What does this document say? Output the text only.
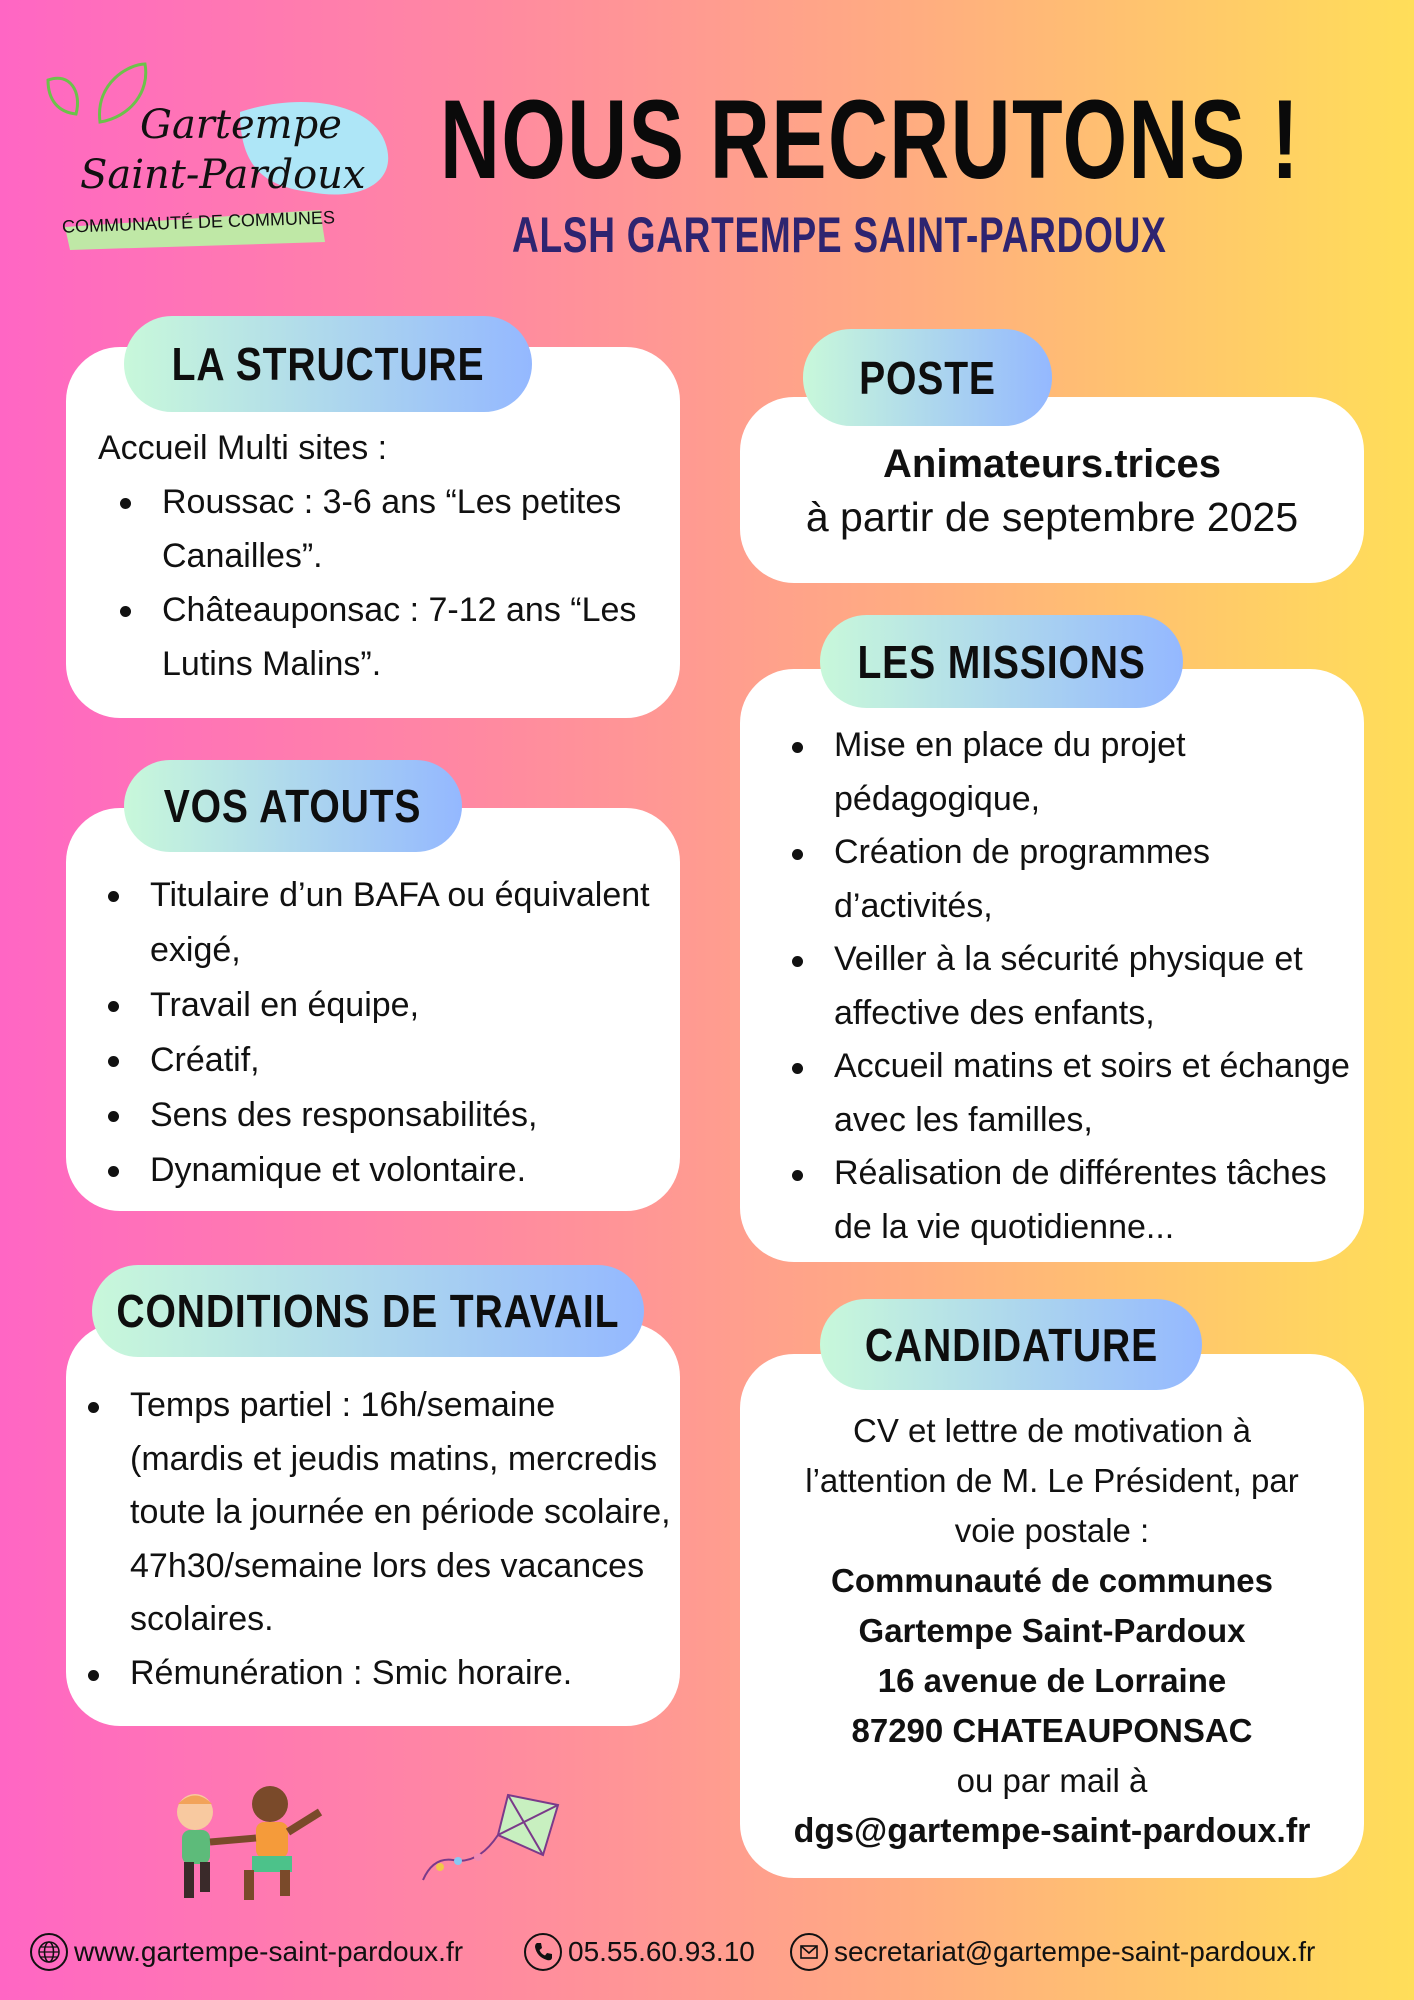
Gartempe
Saint-Pardoux
COMMUNAUTÉ DE COMMUNES
NOUS RECRUTONS !
ALSH GARTEMPE SAINT-PARDOUX
Accueil Multi sites :
Roussac : 3-6 ans “Les petites Canailles”.
Châteauponsac : 7-12 ans “Les Lutins Malins”.
LA STRUCTURE
Animateurs.trices
à partir de septembre 2025
POSTE
Titulaire d’un BAFA ou équivalent exigé,
Travail en équipe,
Créatif,
Sens des responsabilités,
Dynamique et volontaire.
VOS ATOUTS
Mise en place du projet pédagogique,
Création de programmes d’activités,
Veiller à la sécurité physique et affective des enfants,
Accueil matins et soirs et échange avec les familles,
Réalisation de différentes tâches de la vie quotidienne...
LES MISSIONS
Temps partiel : 16h/semaine (mardis et jeudis matins, mercredis toute la journée en période scolaire, 47h30/semaine lors des vacances scolaires.
Rémunération : Smic horaire.
CONDITIONS DE TRAVAIL
CV et lettre de motivation à l’attention de M. Le Président, par voie postale :
Communauté de communes
Gartempe Saint-Pardoux
16 avenue de Lorraine
87290 CHATEAUPONSAC
ou par mail à
dgs@gartempe-saint-pardoux.fr
CANDIDATURE
www.gartempe-saint-pardoux.fr	05.55.60.93.10	secretariat@gartempe-saint-pardoux.fr
